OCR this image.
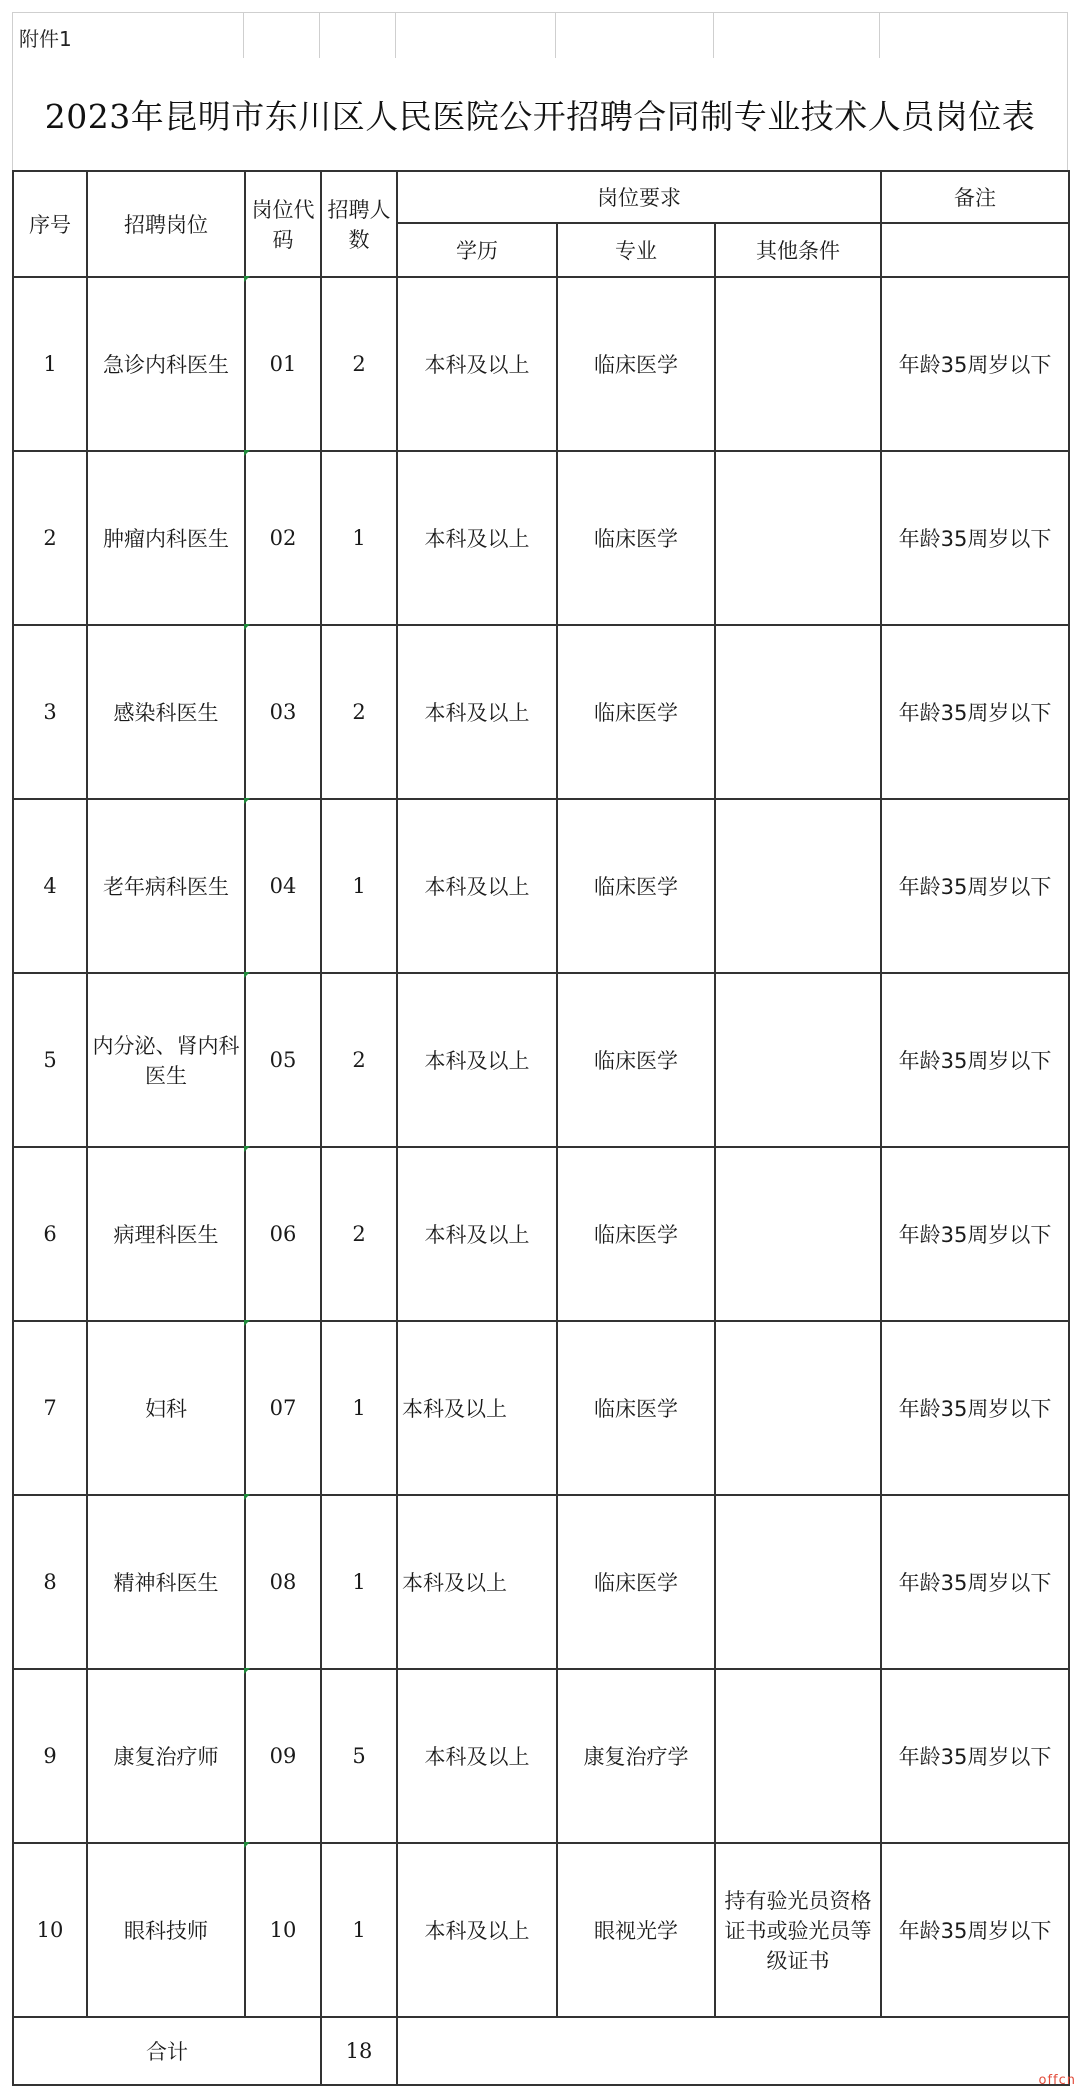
附件1
2023年昆明市东川区人民医院公开招聘合同制专业技术人员岗位表
序号	招聘岗位	岗位代码	招聘人数	岗位要求			备注
				学历	专业	其他条件	
1	急诊内科医生	01	2	本科及以上	临床医学		年龄35周岁以下
2	肿瘤内科医生	02	1	本科及以上	临床医学		年龄35周岁以下
3	感染科医生	03	2	本科及以上	临床医学		年龄35周岁以下
4	老年病科医生	04	1	本科及以上	临床医学		年龄35周岁以下
5	内分泌、肾内科医生	05	2	本科及以上	临床医学		年龄35周岁以下
6	病理科医生	06	2	本科及以上	临床医学		年龄35周岁以下
7	妇科	07	1	本科及以上	临床医学		年龄35周岁以下
8	精神科医生	08	1	本科及以上	临床医学		年龄35周岁以下
9	康复治疗师	09	5	本科及以上	康复治疗学		年龄35周岁以下
10	眼科技师	10	1	本科及以上	眼视光学	持有验光员资格证书或验光员等级证书	年龄35周岁以下
合计			18				
offcn
